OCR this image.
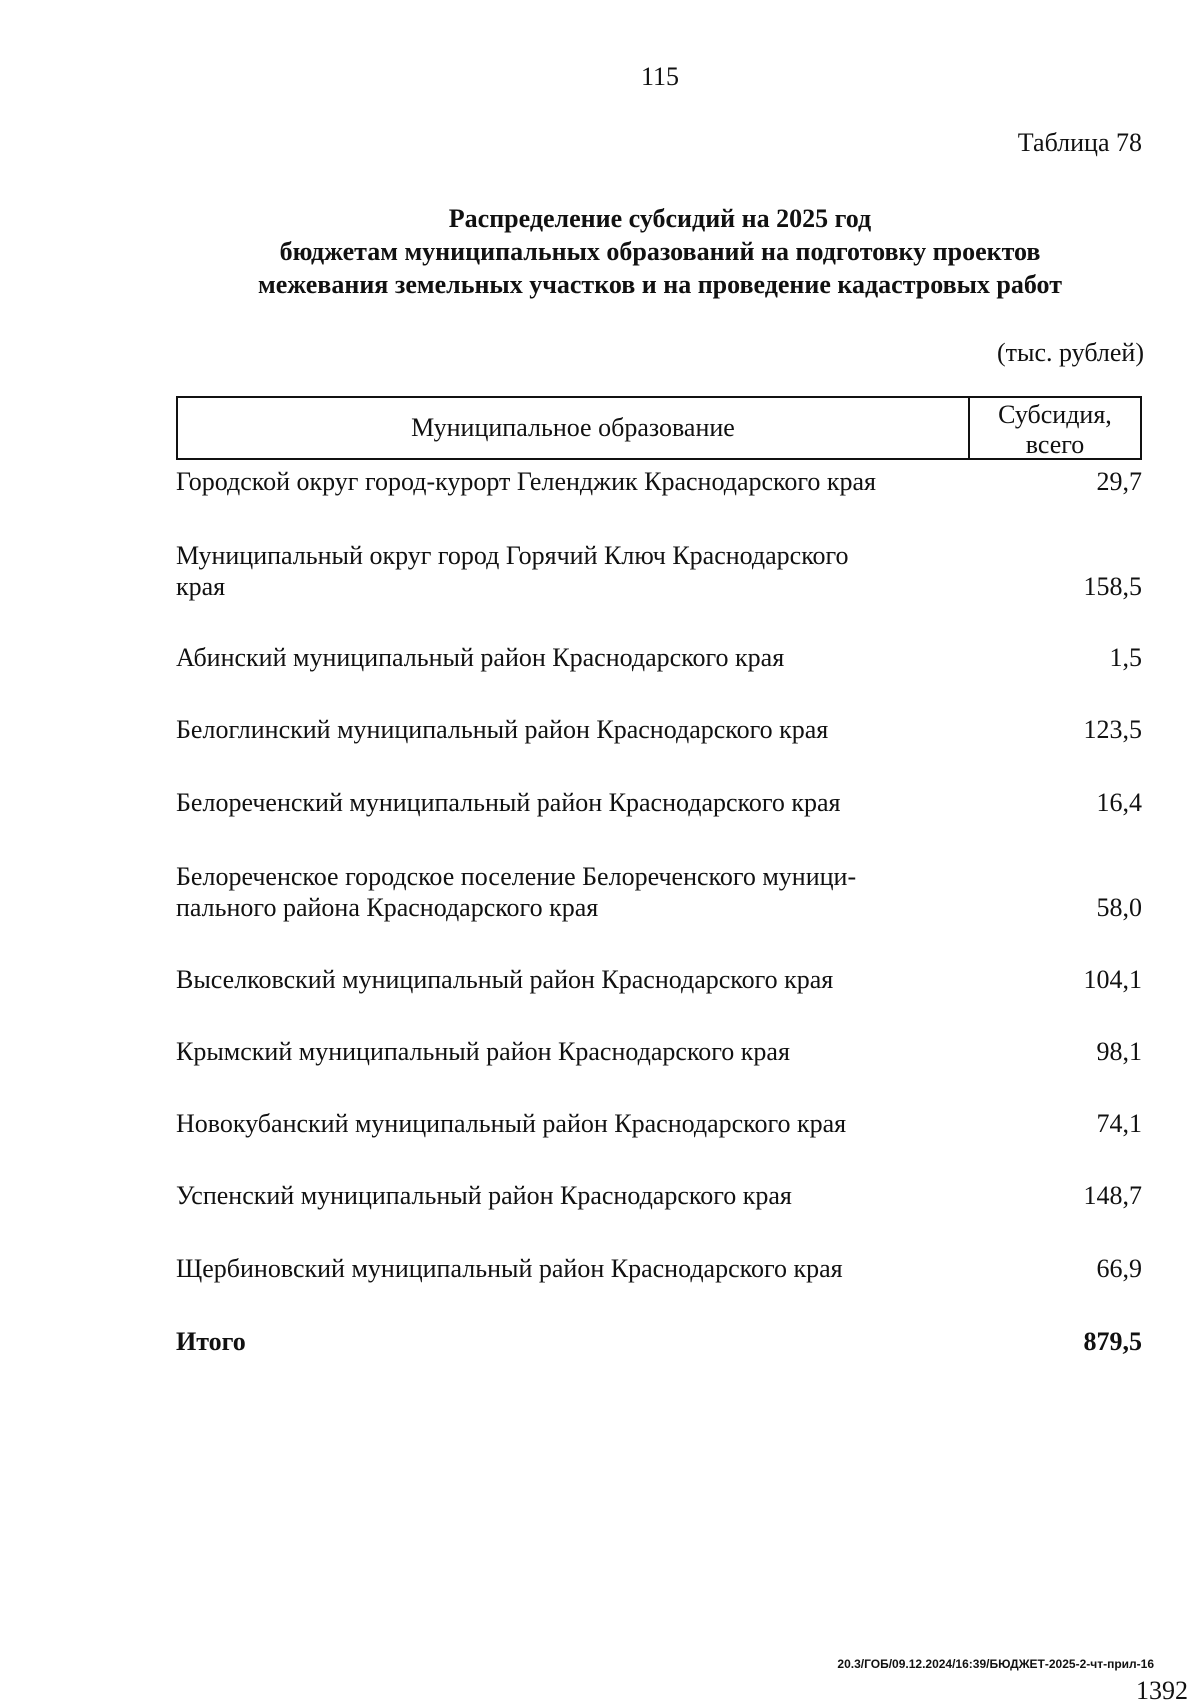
115
Таблица 78
Распределение субсидий на 2025 год
бюджетам муниципальных образований на подготовку проектов
межевания земельных участков и на проведение кадастровых работ
(тыс. рублей)
Муниципальное образование	Субсидия,
всего
Городской округ город-курорт Геленджик Краснодарского края	29,7
Муниципальный округ город Горячий Ключ Краснодарского
края	158,5
Абинский муниципальный район Краснодарского края	1,5
Белоглинский муниципальный район Краснодарского края	123,5
Белореченский муниципальный район Краснодарского края	16,4
Белореченское городское поселение Белореченского муници-
пального района Краснодарского края	58,0
Выселковский муниципальный район Краснодарского края	104,1
Крымский муниципальный район Краснодарского края	98,1
Новокубанский муниципальный район Краснодарского края	74,1
Успенский муниципальный район Краснодарского края	148,7
Щербиновский муниципальный район Краснодарского края	66,9
Итого	879,5
20.3/ГОБ/09.12.2024/16:39/БЮДЖЕТ-2025-2-чт-прил-16
1392
